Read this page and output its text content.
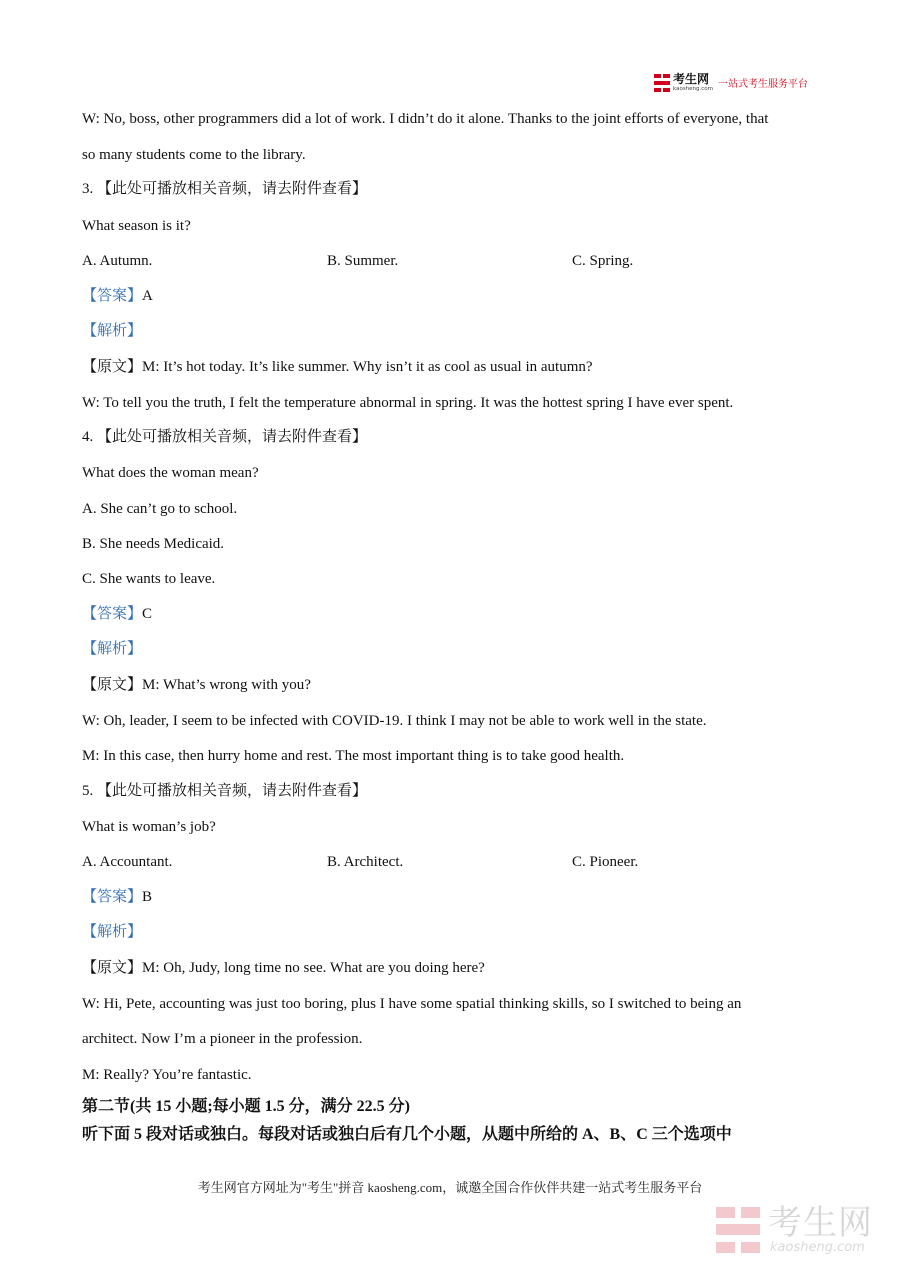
考生网
kaosheng.com 一站式考生服务平台
W: No, boss, other programmers did a lot of work. I didn’t do it alone. Thanks to the joint efforts of everyone, that
so many students come to the library.
3. 【此处可播放相关音频，请去附件查看】
What season is it?
A. Autumn.	B. Summer.	C. Spring.
【答案】A
【解析】
【原文】M: It’s hot today. It’s like summer. Why isn’t it as cool as usual in autumn?
W: To tell you the truth, I felt the temperature abnormal in spring. It was the hottest spring I have ever spent.
4. 【此处可播放相关音频，请去附件查看】
What does the woman mean?
A. She can’t go to school.
B. She needs Medicaid.
C. She wants to leave.
【答案】C
【解析】
【原文】M: What’s wrong with you?
W: Oh, leader, I seem to be infected with COVID-19. I think I may not be able to work well in the state.
M: In this case, then hurry home and rest. The most important thing is to take good health.
5. 【此处可播放相关音频，请去附件查看】
What is woman’s job?
A. Accountant.	B. Architect.	C. Pioneer.
【答案】B
【解析】
【原文】M: Oh, Judy, long time no see. What are you doing here?
W: Hi, Pete, accounting was just too boring, plus I have some spatial thinking skills, so I switched to being an
architect. Now I’m a pioneer in the profession.
M: Really? You’re fantastic.
第二节(共 15 小题;每小题 1.5 分，满分 22.5 分)
听下面 5 段对话或独白。每段对话或独白后有几个小题，从题中所给的 A、B、C 三个选项中
考生网官方网址为"考生"拼音 kaosheng.com，诚邀全国合作伙伴共建一站式考生服务平台
考生网
kaosheng.com
